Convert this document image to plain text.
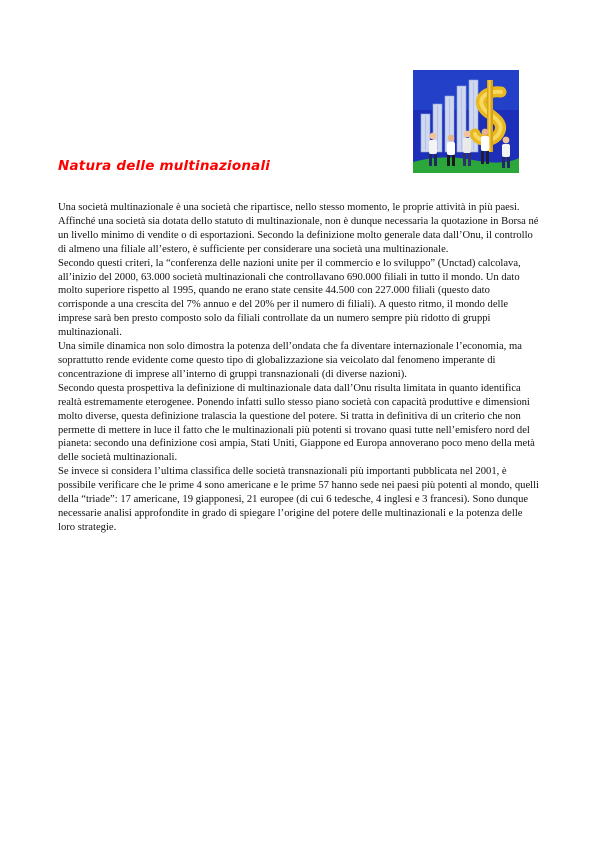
Natura delle multinazionali

Una società multinazionale è una società che ripartisce, nello stesso momento, le proprie attività in più paesi.

Affinché una società sia dotata dello statuto di multinazionale, non è dunque necessaria la quotazione in Borsa né un livello minimo di vendite o di esportazioni. Secondo la definizione molto generale data dall’Onu, il controllo di almeno una filiale all’estero, è sufficiente per considerare una società una multinazionale.

Secondo questi criteri, la “conferenza delle nazioni unite per il commercio e lo sviluppo” (Unctad) calcolava, all’inizio del 2000, 63.000 società multinazionali che controllavano 690.000 filiali in tutto il mondo. Un dato molto superiore rispetto al 1995, quando ne erano state censite 44.500 con 227.000 filiali (questo dato corrisponde a una crescita del 7% annuo e del 20% per il numero di filiali). A questo ritmo, il mondo delle imprese sarà ben presto composto solo da filiali controllate da un numero sempre più ridotto di gruppi multinazionali.

Una simile dinamica non solo dimostra la potenza dell’ondata che fa diventare internazionale l’economia, ma soprattutto rende evidente come questo tipo di globalizzazione sia veicolato dal fenomeno imperante di concentrazione di imprese all’interno di gruppi transnazionali (di diverse nazioni).

Secondo questa prospettiva la definizione di multinazionale data dall’Onu risulta limitata in quanto identifica realtà estremamente eterogenee. Ponendo infatti sullo stesso piano società con capacità produttive e dimensioni molto diverse, questa definizione tralascia la questione del potere. Si tratta in definitiva di un criterio che non permette di mettere in luce il fatto che le multinazionali più potenti si trovano quasi tutte nell’emisfero nord del pianeta: secondo una definizione così ampia, Stati Uniti, Giappone ed Europa annoverano poco meno della metà delle società multinazionali.

Se invece si considera l’ultima classifica delle società transnazionali più importanti pubblicata nel 2001, è possibile verificare che le prime 4 sono americane e le prime 57 hanno sede nei paesi più potenti al mondo, quelli della “triade”: 17 americane, 19 giapponesi, 21 europee (di cui 6 tedesche, 4 inglesi e 3 francesi). Sono dunque necessarie analisi approfondite in grado di spiegare l’origine del potere delle multinazionali e la potenza delle loro strategie.
